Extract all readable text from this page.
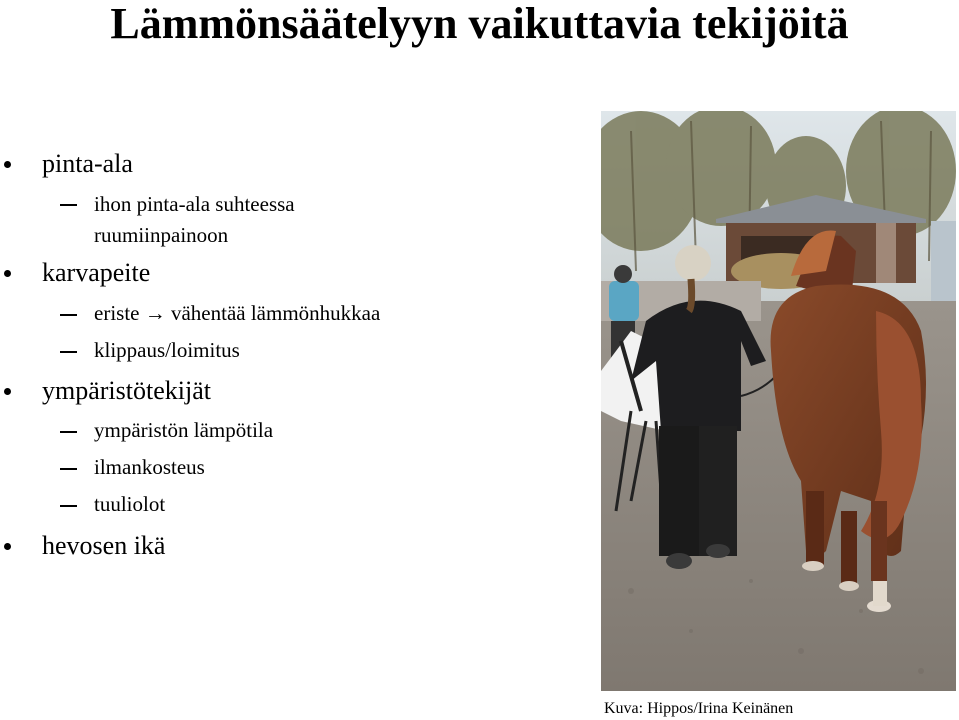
Lämmönsäätelyyn vaikuttavia tekijöitä
pinta-ala
ihon pinta-ala suhteessa
ruumiinpainoon
karvapeite
eriste → vähentää lämmönhukkaa
klippaus/loimitus
ympäristötekijät
ympäristön lämpötila
ilmankosteus
tuuliolot
hevosen ikä
Kuva: Hippos/Irina Keinänen
